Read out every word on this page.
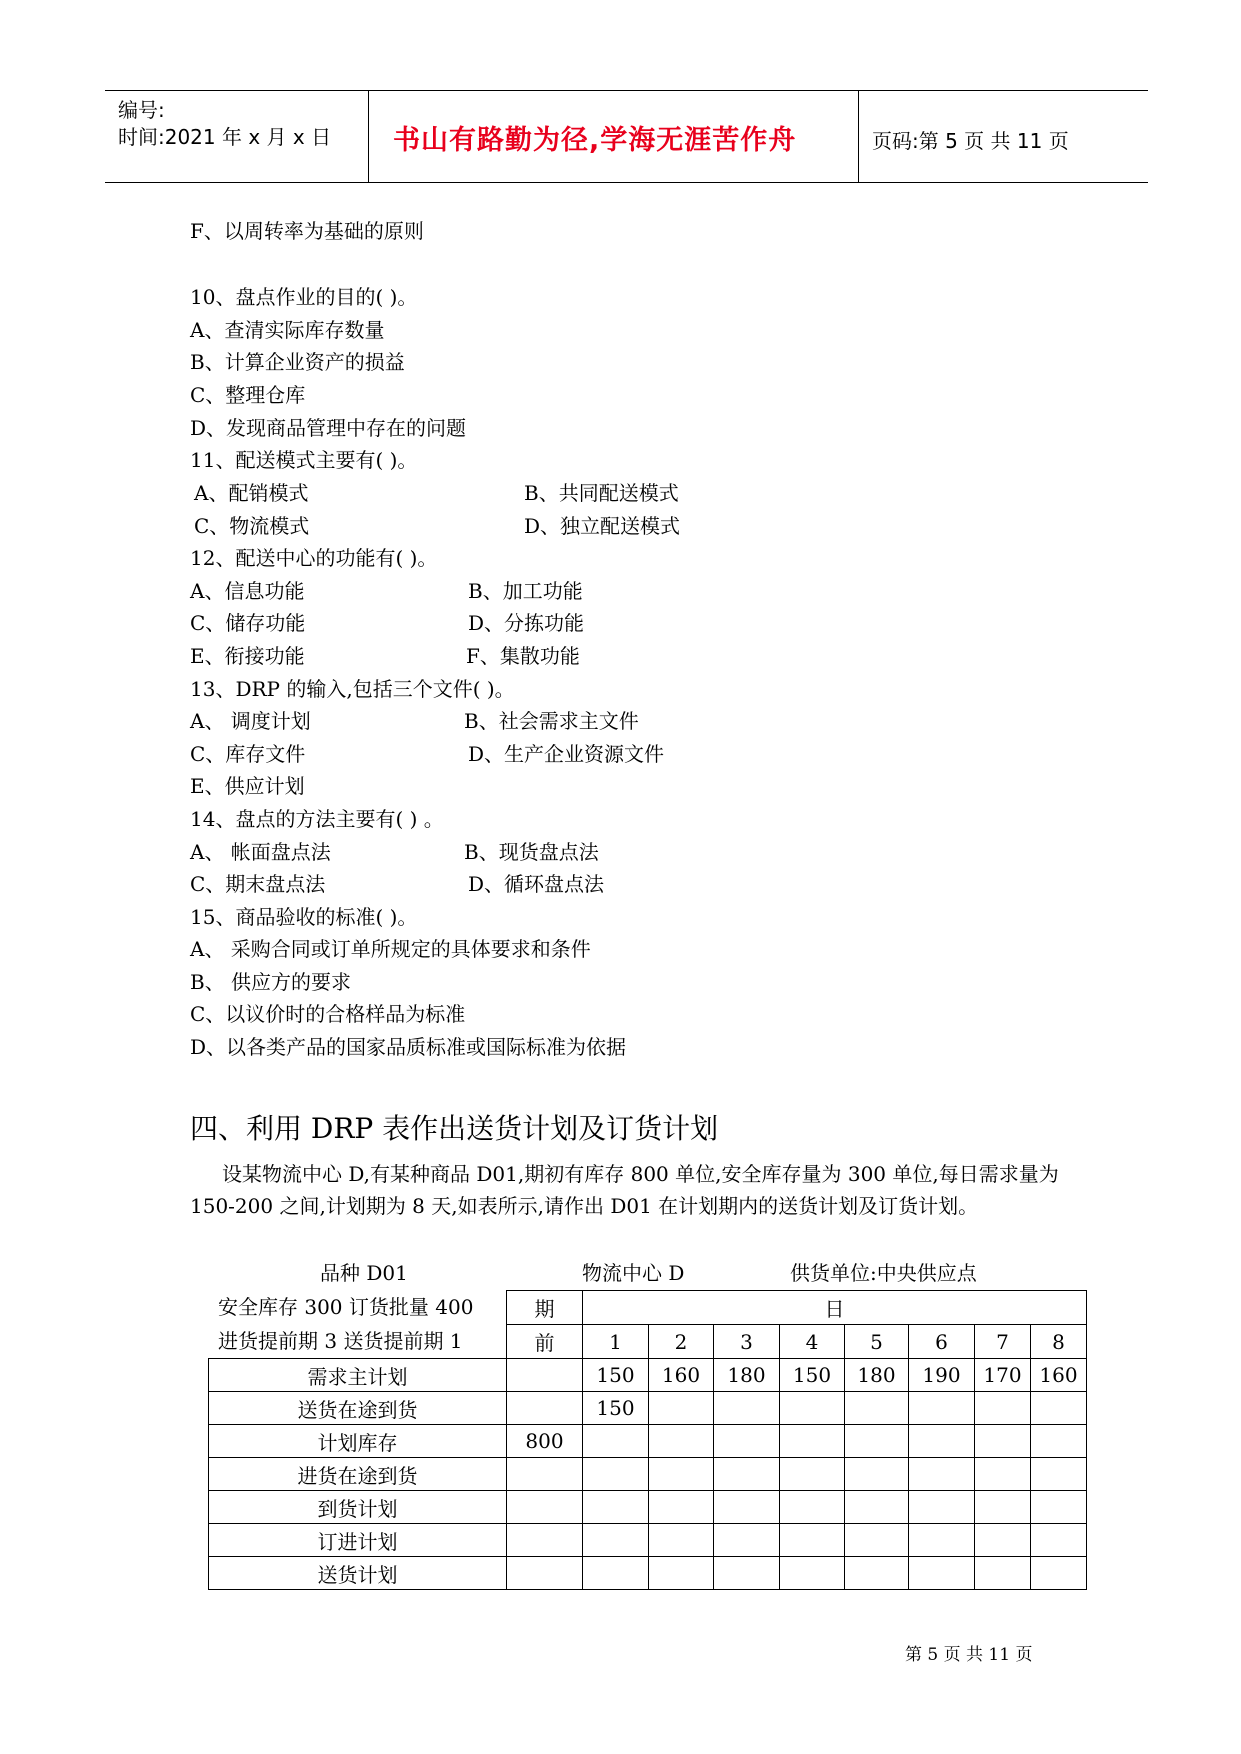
编号:
时间:2021 年 x 月 x 日 书山有路勤为径,学海无涯苦作舟	页码:第 5 页 共 11 页
F、以周转率为基础的原则
10、盘点作业的目的( )。
A、查清实际库存数量
B、计算企业资产的损益
C、整理仓库
D、发现商品管理中存在的问题
11、配送模式主要有( )。
A、配销模式	B、共同配送模式
C、物流模式	D、独立配送模式
12、配送中心的功能有( )。
A、信息功能	B、加工功能
C、储存功能	D、分拣功能
E、衔接功能	F、集散功能
13、DRP 的输入,包括三个文件( )。
A、 调度计划	B、社会需求主文件
C、库存文件	D、生产企业资源文件
E、供应计划
14、盘点的方法主要有( ) 。
A、 帐面盘点法	B、现货盘点法
C、期末盘点法	D、循环盘点法
15、商品验收的标准( )。
A、 采购合同或订单所规定的具体要求和条件
B、 供应方的要求
C、以议价时的合格样品为标准
D、以各类产品的国家品质标准或国际标准为依据
四、利用 DRP 表作出送货计划及订货计划
设某物流中心 D,有某种商品 D01,期初有库存 800 单位,安全库存量为 300 单位,每日需求量为 150-200 之间,计划期为 8 天,如表所示,请作出 D01 在计划期内的送货计划及订货计划。
品种 D01	物流中心 D	供货单位:中央供应点
安全库存 300 订货批量 400
进货提前期 3 送货提前期 1
	期	日							
	前	1	2	3	4	5	6	7	8
需求主计划		150	160	180	150	180	190	170	160
送货在途到货		150							
计划库存	800								
进货在途到货									
到货计划									
订进计划									
送货计划									
第 5 页 共 11 页
